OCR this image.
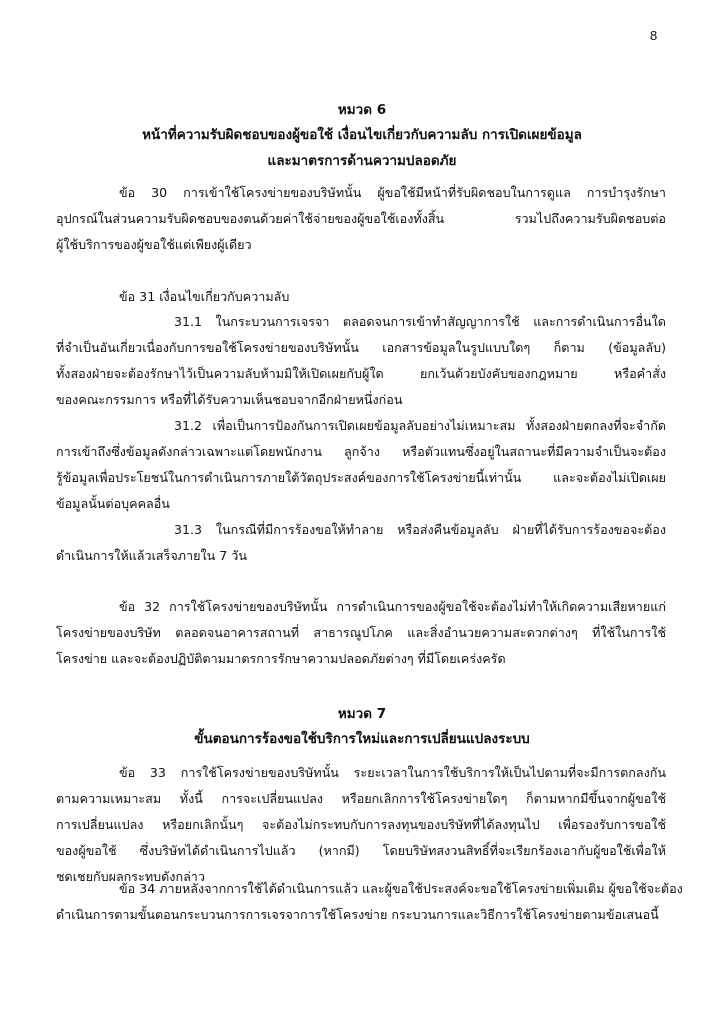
8
หมวด 6
หน้าที่ความรับผิดชอบของผู้ขอใช้ เงื่อนไขเกี่ยวกับความลับ การเปิดเผยข้อมูล
และมาตรการด้านความปลอดภัย
ข้อ 30 การเข้าใช้โครงข่ายของบริษัทนั้น ผู้ขอใช้มีหน้าที่รับผิดชอบในการดูแล การบำรุงรักษา
อุปกรณ์ในส่วนความรับผิดชอบของตนด้วยค่าใช้จ่ายของผู้ขอใช้เองทั้งสิ้น รวมไปถึงความรับผิดชอบต่อ
ผู้ใช้บริการของผู้ขอใช้แต่เพียงผู้เดียว
ข้อ 31 เงื่อนไขเกี่ยวกับความลับ
31.1 ในกระบวนการเจรจา ตลอดจนการเข้าทำสัญญาการใช้ และการดำเนินการอื่นใด
ที่จำเป็นอันเกี่ยวเนื่องกับการขอใช้โครงข่ายของบริษัทนั้น เอกสารข้อมูลในรูปแบบใดๆ ก็ตาม (ข้อมูลลับ)
ทั้งสองฝ่ายจะต้องรักษาไว้เป็นความลับห้ามมิให้เปิดเผยกับผู้ใด ยกเว้นด้วยบังคับของกฎหมาย หรือคำสั่ง
ของคณะกรรมการ หรือที่ได้รับความเห็นชอบจากอีกฝ่ายหนึ่งก่อน
31.2 เพื่อเป็นการป้องกันการเปิดเผยข้อมูลลับอย่างไม่เหมาะสม ทั้งสองฝ่ายตกลงที่จะจำกัด
การเข้าถึงซึ่งข้อมูลดังกล่าวเฉพาะแต่โดยพนักงาน ลูกจ้าง หรือตัวแทนซึ่งอยู่ในสถานะที่มีความจำเป็นจะต้อง
รู้ข้อมูลเพื่อประโยชน์ในการดำเนินการภายใต้วัตถุประสงค์ของการใช้โครงข่ายนี้เท่านั้น และจะต้องไม่เปิดเผย
ข้อมูลนั้นต่อบุคคลอื่น
31.3 ในกรณีที่มีการร้องขอให้ทำลาย หรือส่งคืนข้อมูลลับ ฝ่ายที่ได้รับการร้องขอจะต้อง
ดำเนินการให้แล้วเสร็จภายใน 7 วัน
ข้อ 32 การใช้โครงข่ายของบริษัทนั้น การดำเนินการของผู้ขอใช้จะต้องไม่ทำให้เกิดความเสียหายแก่
โครงข่ายของบริษัท ตลอดจนอาคารสถานที่ สาธารณูปโภค และสิ่งอำนวยความสะดวกต่างๆ ที่ใช้ในการใช้
โครงข่าย และจะต้องปฏิบัติตามมาตรการรักษาความปลอดภัยต่างๆ ที่มีโดยเคร่งครัด
หมวด 7
ขั้นตอนการร้องขอใช้บริการใหม่และการเปลี่ยนแปลงระบบ
ข้อ 33 การใช้โครงข่ายของบริษัทนั้น ระยะเวลาในการใช้บริการให้เป็นไปตามที่จะมีการตกลงกัน
ตามความเหมาะสม ทั้งนี้ การจะเปลี่ยนแปลง หรือยกเลิกการใช้โครงข่ายใดๆ ก็ตามหากมีขึ้นจากผู้ขอใช้
การเปลี่ยนแปลง หรือยกเลิกนั้นๆ จะต้องไม่กระทบกับการลงทุนของบริษัทที่ได้ลงทุนไป เพื่อรองรับการขอใช้
ของผู้ขอใช้ ซึ่งบริษัทได้ดำเนินการไปแล้ว (หากมี) โดยบริษัทสงวนสิทธิ์ที่จะเรียกร้องเอากับผู้ขอใช้เพื่อให้
ชดเชยกับผลกระทบดังกล่าว
ข้อ 34 ภายหลังจากการใช้ได้ดำเนินการแล้ว และผู้ขอใช้ประสงค์จะขอใช้โครงข่ายเพิ่มเติม ผู้ขอใช้จะต้อง
ดำเนินการตามขั้นตอนกระบวนการการเจรจาการใช้โครงข่าย กระบวนการและวิธีการใช้โครงข่ายตามข้อเสนอนี้
